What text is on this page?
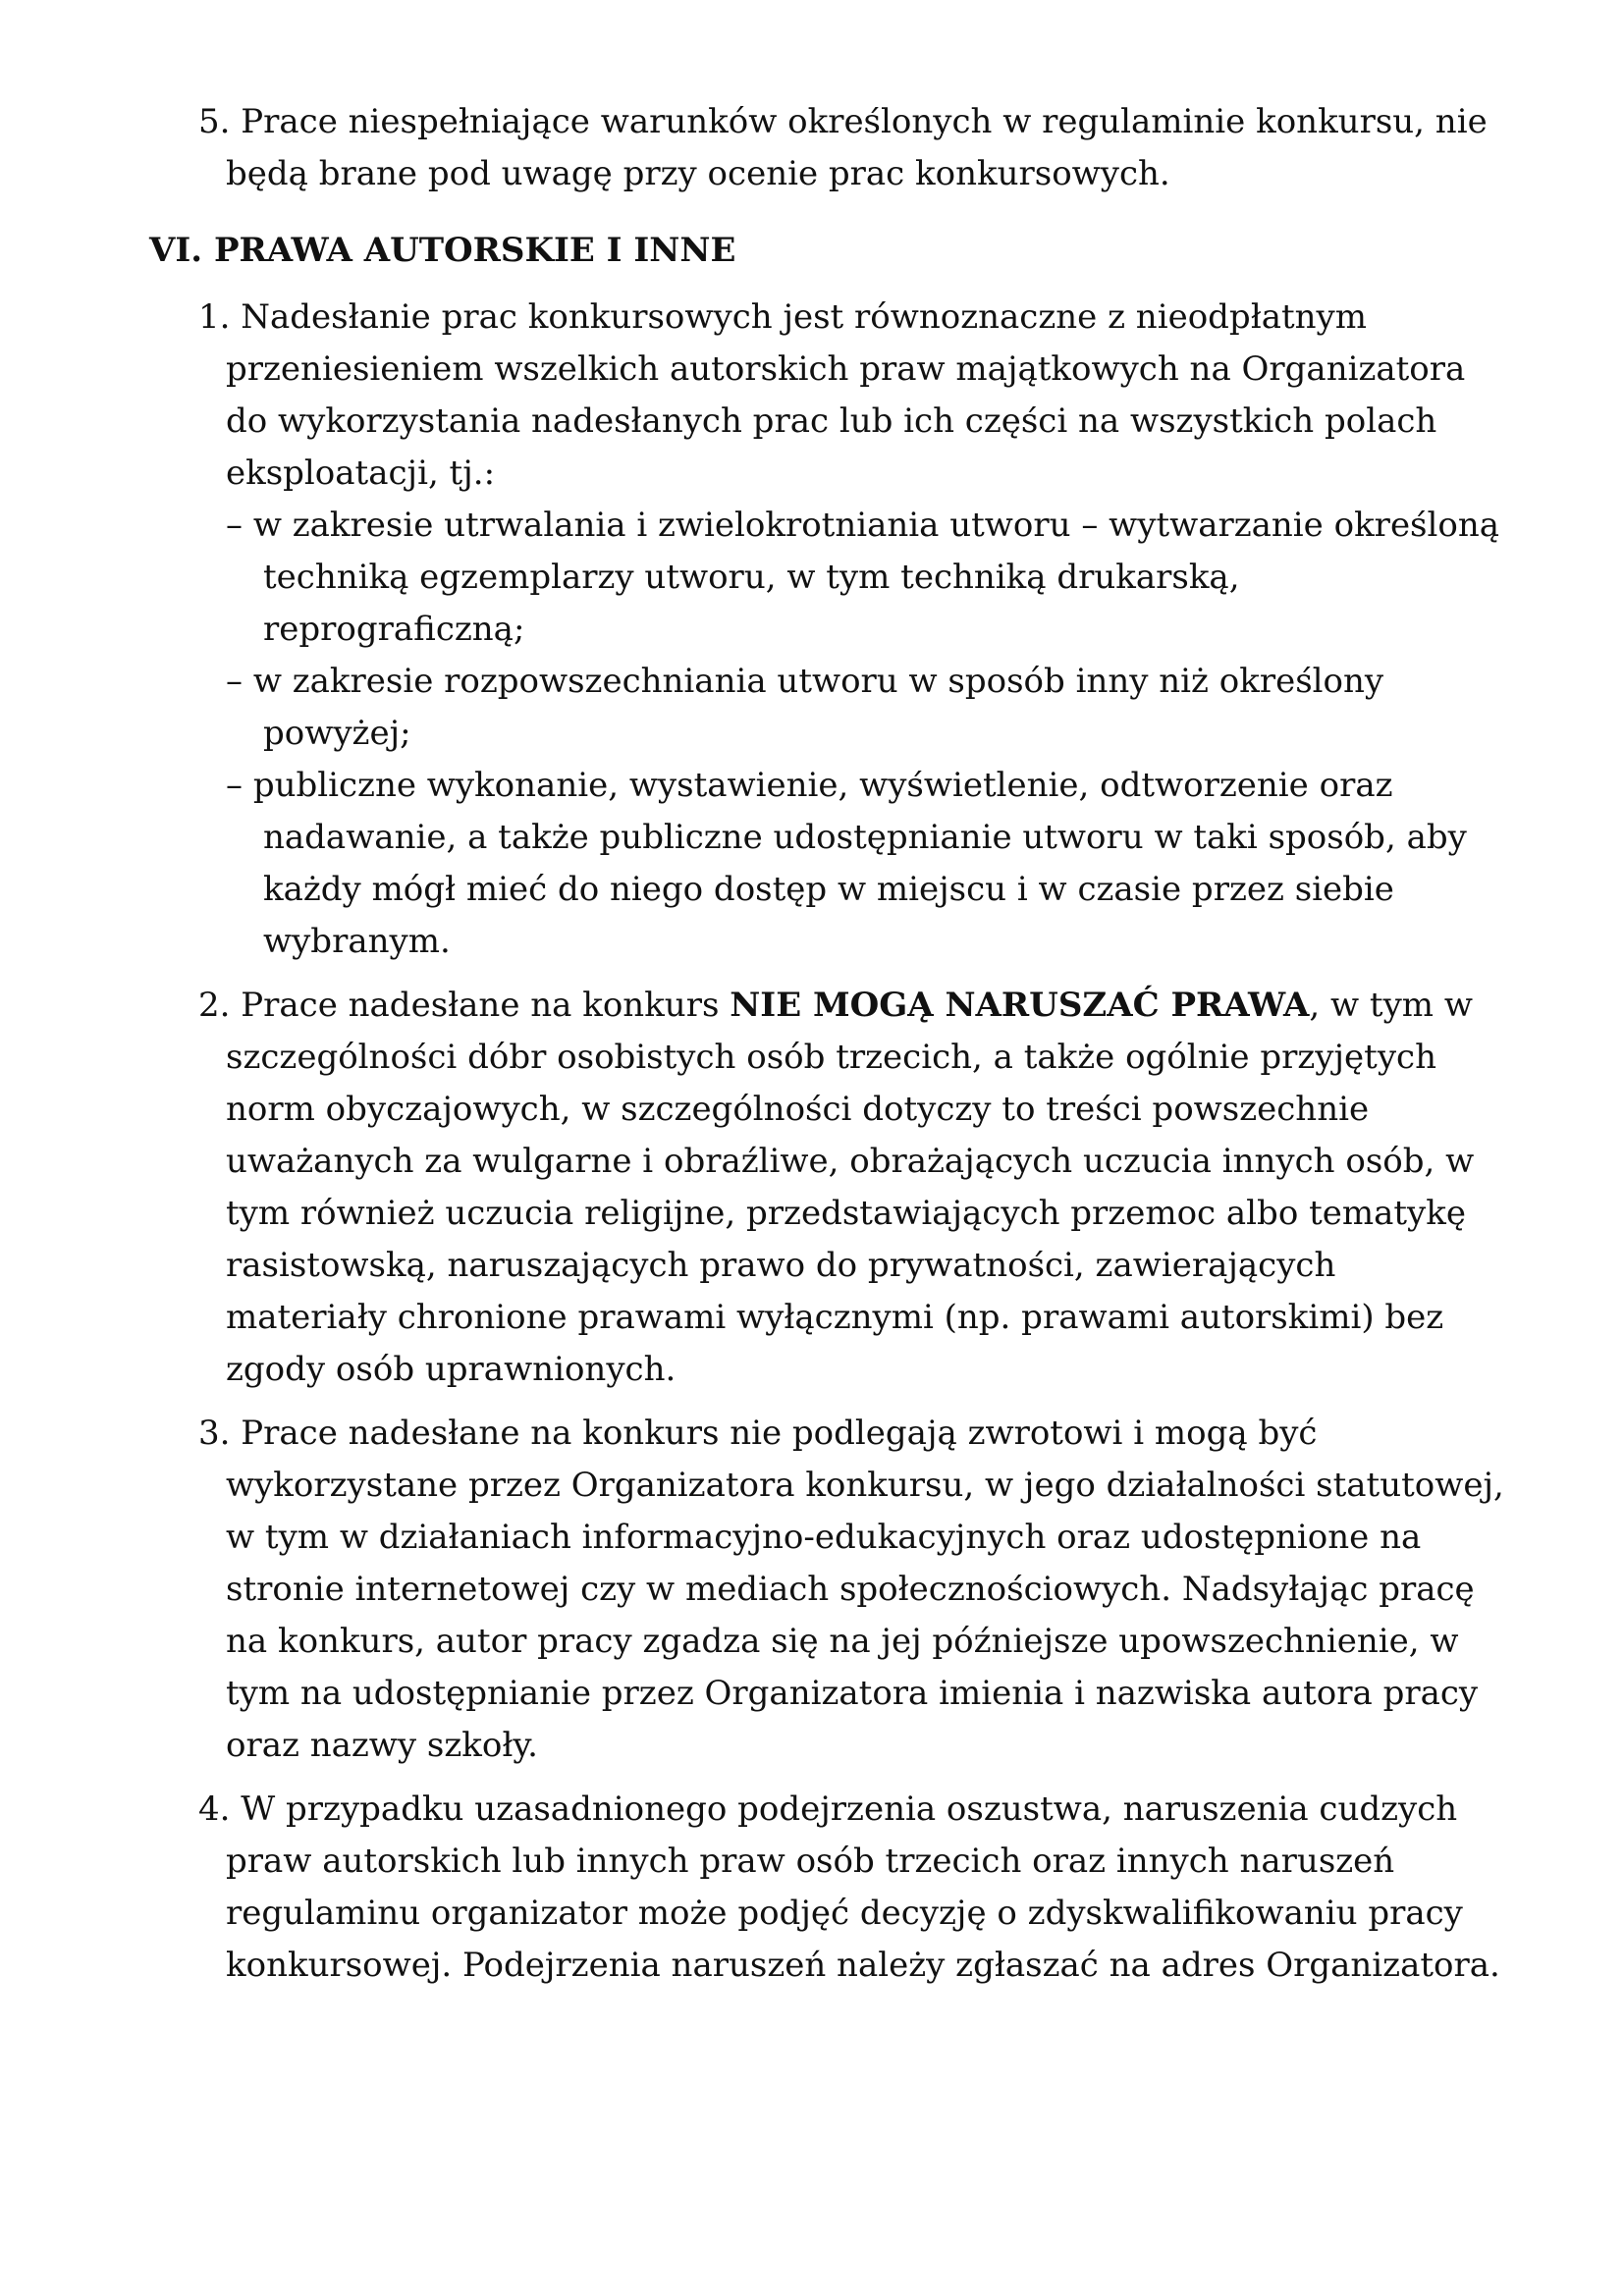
5. Prace niespełniające warunków określonych w regulaminie konkursu, nie będą brane pod uwagę przy ocenie prac konkursowych.

VI. PRAWA AUTORSKIE I INNE

1. Nadesłanie prac konkursowych jest równoznaczne z nieodpłatnym przeniesieniem wszelkich autorskich praw majątkowych na Organizatora do wykorzystania nadesłanych prac lub ich części na wszystkich polach eksploatacji, tj.:

– w zakresie utrwalania i zwielokrotniania utworu – wytwarzanie określoną techniką egzemplarzy utworu, w tym techniką drukarską, reprograficzną;
– w zakresie rozpowszechniania utworu w sposób inny niż określony powyżej;
– publiczne wykonanie, wystawienie, wyświetlenie, odtworzenie oraz nadawanie, a także publiczne udostępnianie utworu w taki sposób, aby każdy mógł mieć do niego dostęp w miejscu i w czasie przez siebie wybranym.

2. Prace nadesłane na konkurs NIE MOGĄ NARUSZAĆ PRAWA, w tym w szczególności dóbr osobistych osób trzecich, a także ogólnie przyjętych norm obyczajowych, w szczególności dotyczy to treści powszechnie uważanych za wulgarne i obraźliwe, obrażających uczucia innych osób, w tym również uczucia religijne, przedstawiających przemoc albo tematykę rasistowską, naruszających prawo do prywatności, zawierających materiały chronione prawami wyłącznymi (np. prawami autorskimi) bez zgody osób uprawnionych.

3. Prace nadesłane na konkurs nie podlegają zwrotowi i mogą być wykorzystane przez Organizatora konkursu, w jego działalności statutowej, w tym w działaniach informacyjno-edukacyjnych oraz udostępnione na stronie internetowej czy w mediach społecznościowych. Nadsyłając pracę na konkurs, autor pracy zgadza się na jej późniejsze upowszechnienie, w tym na udostępnianie przez Organizatora imienia i nazwiska autora pracy oraz nazwy szkoły.

4. W przypadku uzasadnionego podejrzenia oszustwa, naruszenia cudzych praw autorskich lub innych praw osób trzecich oraz innych naruszeń regulaminu organizator może podjęć decyzję o zdyskwalifikowaniu pracy konkursowej. Podejrzenia naruszeń należy zgłaszać na adres Organizatora.
